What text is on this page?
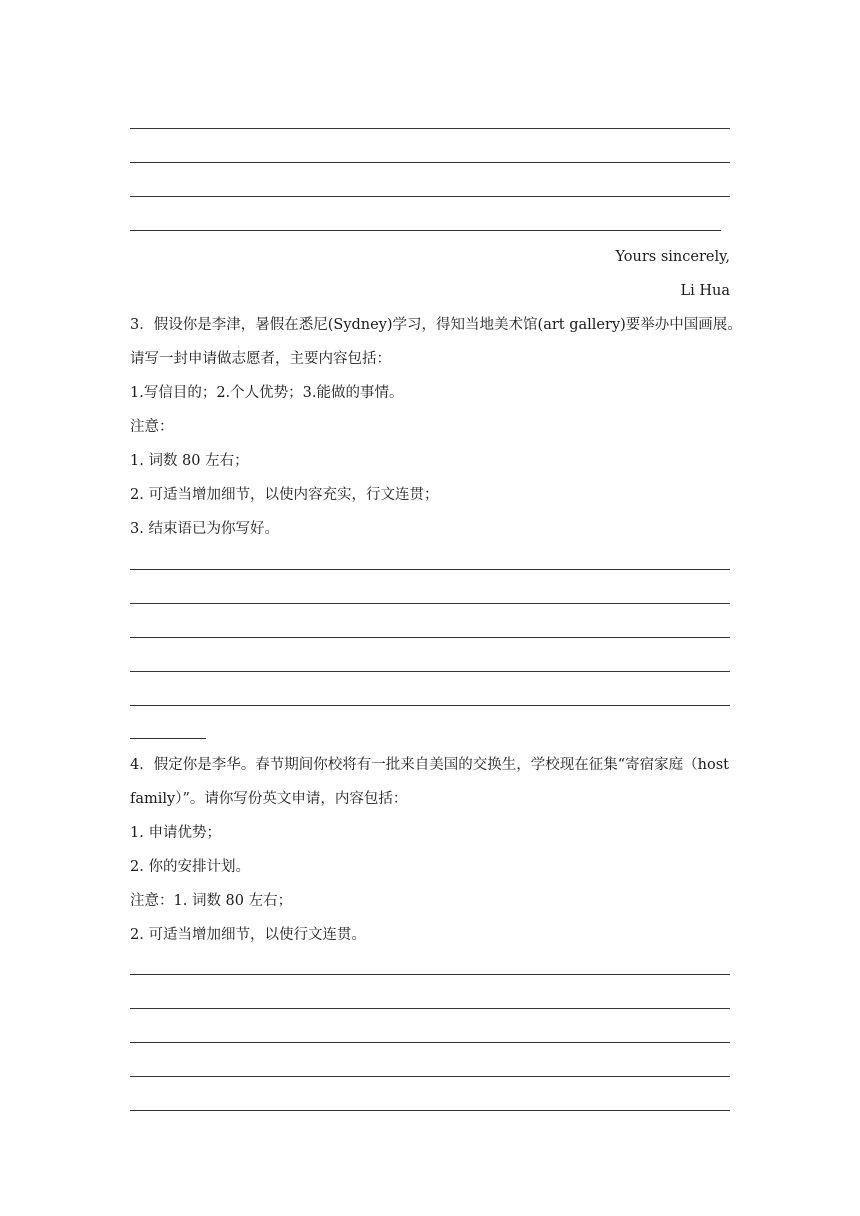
Yours sincerely,
Li Hua
3．假设你是李津，暑假在悉尼(Sydney)学习，得知当地美术馆(art gallery)要举办中国画展。
请写一封申请做志愿者，主要内容包括：
1.写信目的；2.个人优势；3.能做的事情。
注意：
1. 词数 80 左右；
2. 可适当增加细节，以使内容充实，行文连贯；
3. 结束语已为你写好。
4．假定你是李华。春节期间你校将有一批来自美国的交换生，学校现在征集“寄宿家庭（host
family）”。请你写份英文申请，内容包括：
1. 申请优势；
2. 你的安排计划。
注意：1. 词数 80 左右；
2. 可适当增加细节，以使行文连贯。
